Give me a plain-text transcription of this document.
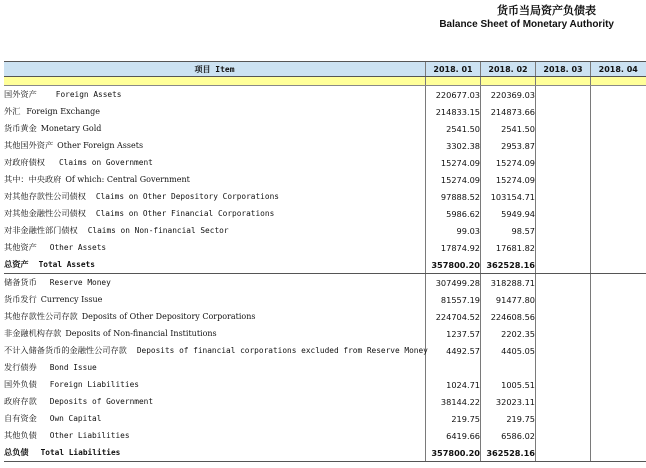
货币当局资产负债表
Balance Sheet of Monetary Authority
项目 Item	2018. 01	2018. 02	2018. 03	2018. 04

国外资产 Foreign Assets	220677.03	220369.03		
外汇 Foreign Exchange	214833.15	214873.66		
货币黄金 Monetary Gold	2541.50	2541.50		
其他国外资产 Other Foreign Assets	3302.38	2953.87		
对政府债权 Claims on Government	15274.09	15274.09		
其中：中央政府 Of which: Central Government	15274.09	15274.09		
对其他存款性公司债权 Claims on Other Depository Corporations	97888.52	103154.71		
对其他金融性公司债权 Claims on Other Financial Corporations	5986.62	5949.94		
对非金融性部门债权 Claims on Non-financial Sector	99.03	98.57		
其他资产 Other Assets	17874.92	17681.82		
总资产 Total Assets	357800.20	362528.16		
储备货币 Reserve Money	307499.28	318288.71		
货币发行 Currency Issue	81557.19	91477.80		
其他存款性公司存款 Deposits of Other Depository Corporations	224704.52	224608.56		
非金融机构存款 Deposits of Non-financial Institutions	1237.57	2202.35		
不计入储备货币的金融性公司存款 Deposits of financial corporations excluded from Reserve Money	4492.57	4405.05		
发行债券 Bond Issue				
国外负债 Foreign Liabilities	1024.71	1005.51		
政府存款 Deposits of Government	38144.22	32023.11		
自有资金 Own Capital	219.75	219.75		
其他负债 Other Liabilities	6419.66	6586.02		
总负债 Total Liabilities	357800.20	362528.16		
